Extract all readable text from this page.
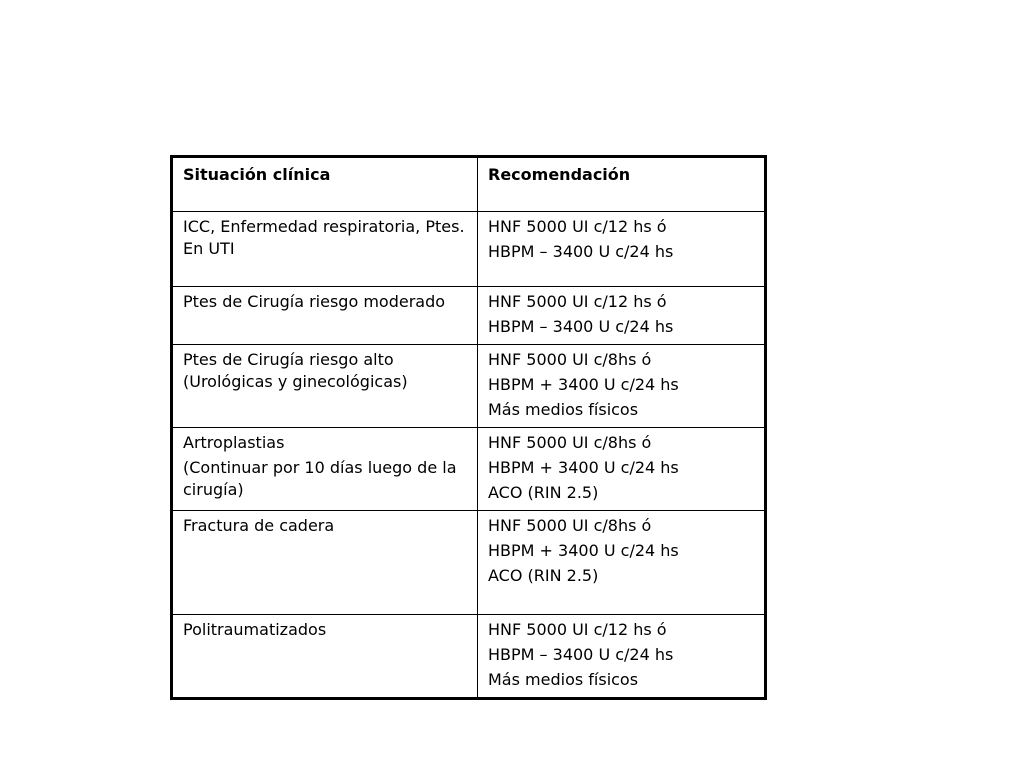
Situación clínica	Recomendación

ICC, Enfermedad respiratoria, Ptes. En UTI	HNF 5000 UI c/12 hs ó
HBPM – 3400 U c/24 hs

Ptes de Cirugía riesgo moderado	HNF 5000 UI c/12 hs ó
HBPM – 3400 U c/24 hs

Ptes de Cirugía riesgo alto (Urológicas y ginecológicas)	HNF 5000 UI c/8hs ó
HBPM + 3400 U c/24 hs
Más medios físicos

Artroplastias
(Continuar por 10 días luego de la cirugía)	HNF 5000 UI c/8hs ó
HBPM + 3400 U c/24 hs
ACO (RIN 2.5)

Fractura de cadera	HNF 5000 UI c/8hs ó
HBPM + 3400 U c/24 hs
ACO (RIN 2.5)

Politraumatizados	HNF 5000 UI c/12 hs ó
HBPM – 3400 U c/24 hs
Más medios físicos
